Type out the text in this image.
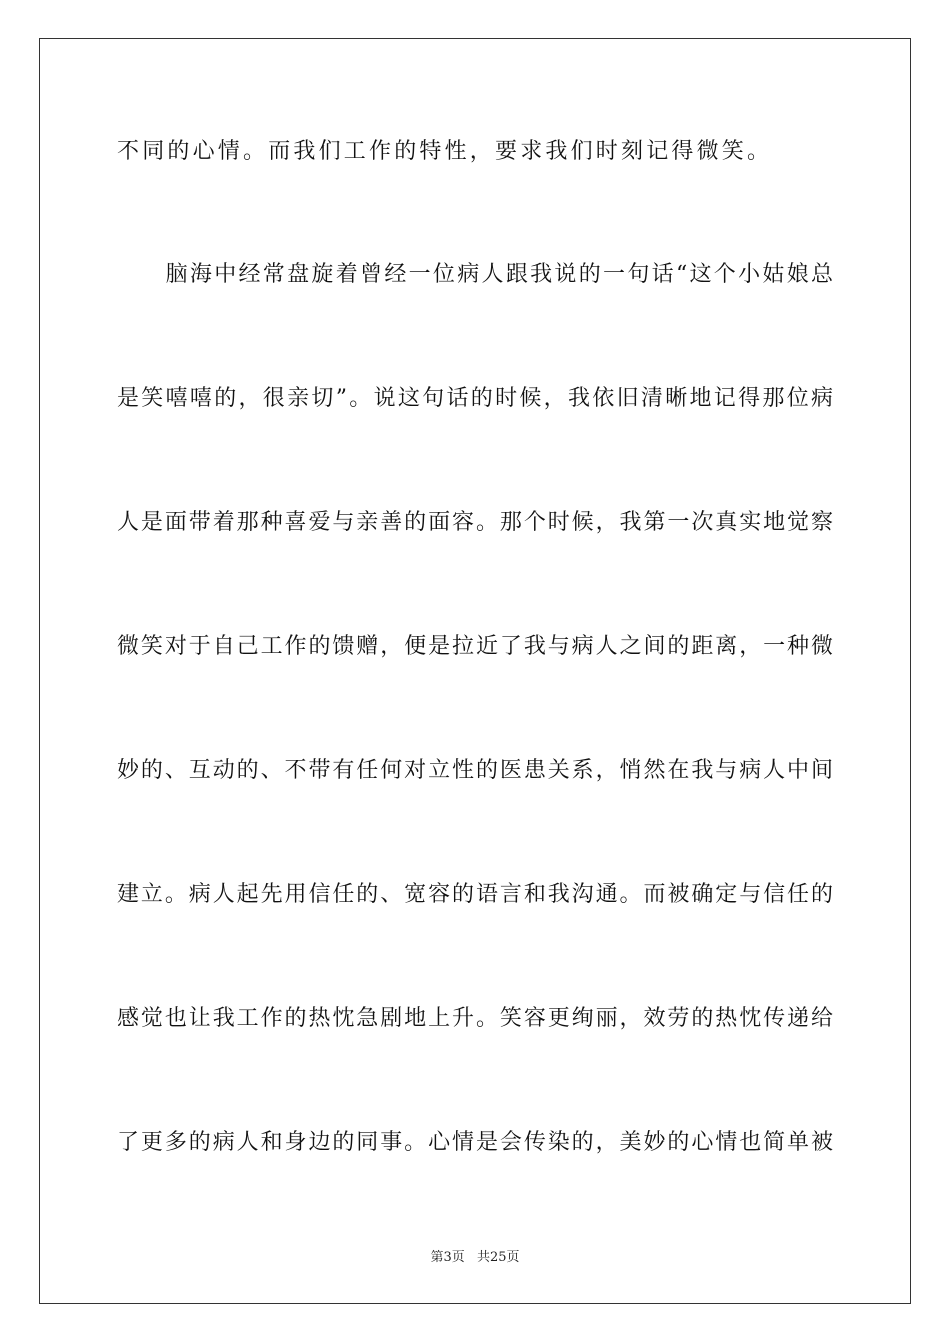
不同的心情。而我们工作的特性，要求我们时刻记得微笑。
　　脑海中经常盘旋着曾经一位病人跟我说的一句话“这个小姑娘总
是笑嘻嘻的，很亲切”。说这句话的时候，我依旧清晰地记得那位病
人是面带着那种喜爱与亲善的面容。那个时候，我第一次真实地觉察
微笑对于自己工作的馈赠，便是拉近了我与病人之间的距离，一种微
妙的、互动的、不带有任何对立性的医患关系，悄然在我与病人中间
建立。病人起先用信任的、宽容的语言和我沟通。而被确定与信任的
感觉也让我工作的热忱急剧地上升。笑容更绚丽，效劳的热忱传递给
了更多的病人和身边的同事。心情是会传染的，美妙的心情也简单被
第3页 共25页
